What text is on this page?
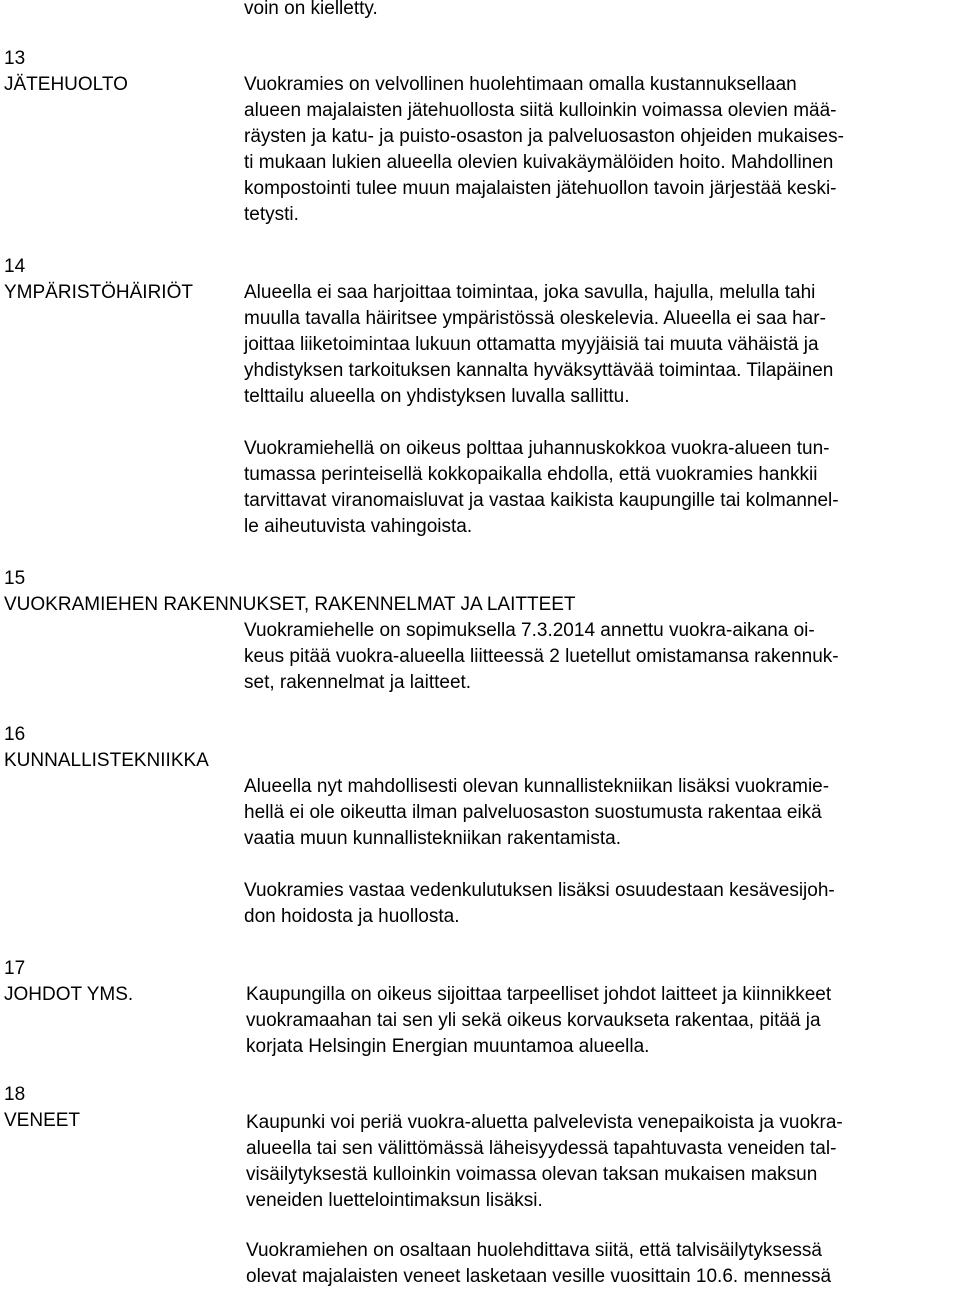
voin on kielletty.
13
JÄTEHUOLTO	Vuokramies on velvollinen huolehtimaan omalla kustannuksellaan
alueen majalaisten jätehuollosta siitä kulloinkin voimassa olevien mää-
räysten ja katu- ja puisto-osaston ja palveluosaston ohjeiden mukaises-
ti mukaan lukien alueella olevien kuivakäymälöiden hoito. Mahdollinen
kompostointi tulee muun majalaisten jätehuollon tavoin järjestää keski-
tetysti.
14
YMPÄRISTÖHÄIRIÖT	Alueella ei saa harjoittaa toimintaa, joka savulla, hajulla, melulla tahi
muulla tavalla häiritsee ympäristössä oleskelevia. Alueella ei saa har-
joittaa liiketoimintaa lukuun ottamatta myyjäisiä tai muuta vähäistä ja
yhdistyksen tarkoituksen kannalta hyväksyttävää toimintaa. Tilapäinen
telttailu alueella on yhdistyksen luvalla sallittu.
Vuokramiehellä on oikeus polttaa juhannuskokkoa vuokra-alueen tun-
tumassa perinteisellä kokkopaikalla ehdolla, että vuokramies hankkii
tarvittavat viranomaisluvat ja vastaa kaikista kaupungille tai kolmannel-
le aiheutuvista vahingoista.
15
VUOKRAMIEHEN RAKENNUKSET, RAKENNELMAT JA LAITTEET
Vuokramiehelle on sopimuksella 7.3.2014 annettu vuokra-aikana oi-
keus pitää vuokra-alueella liitteessä 2 luetellut omistamansa rakennuk-
set, rakennelmat ja laitteet.
16
KUNNALLISTEKNIIKKA
Alueella nyt mahdollisesti olevan kunnallistekniikan lisäksi vuokramie-
hellä ei ole oikeutta ilman palveluosaston suostumusta rakentaa eikä
vaatia muun kunnallistekniikan rakentamista.
Vuokramies vastaa vedenkulutuksen lisäksi osuudestaan kesävesijoh-
don hoidosta ja huollosta.
17
JOHDOT YMS.	Kaupungilla on oikeus sijoittaa tarpeelliset johdot laitteet ja kiinnikkeet
vuokramaahan tai sen yli sekä oikeus korvaukseta rakentaa, pitää ja
korjata Helsingin Energian muuntamoa alueella.
18
VENEET	Kaupunki voi periä vuokra-aluetta palvelevista venepaikoista ja vuokra-
alueella tai sen välittömässä läheisyydessä tapahtuvasta veneiden tal-
visäilytyksestä kulloinkin voimassa olevan taksan mukaisen maksun
veneiden luettelointimaksun lisäksi.
Vuokramiehen on osaltaan huolehdittava siitä, että talvisäilytyksessä
olevat majalaisten veneet lasketaan vesille vuosittain 10.6. mennessä
